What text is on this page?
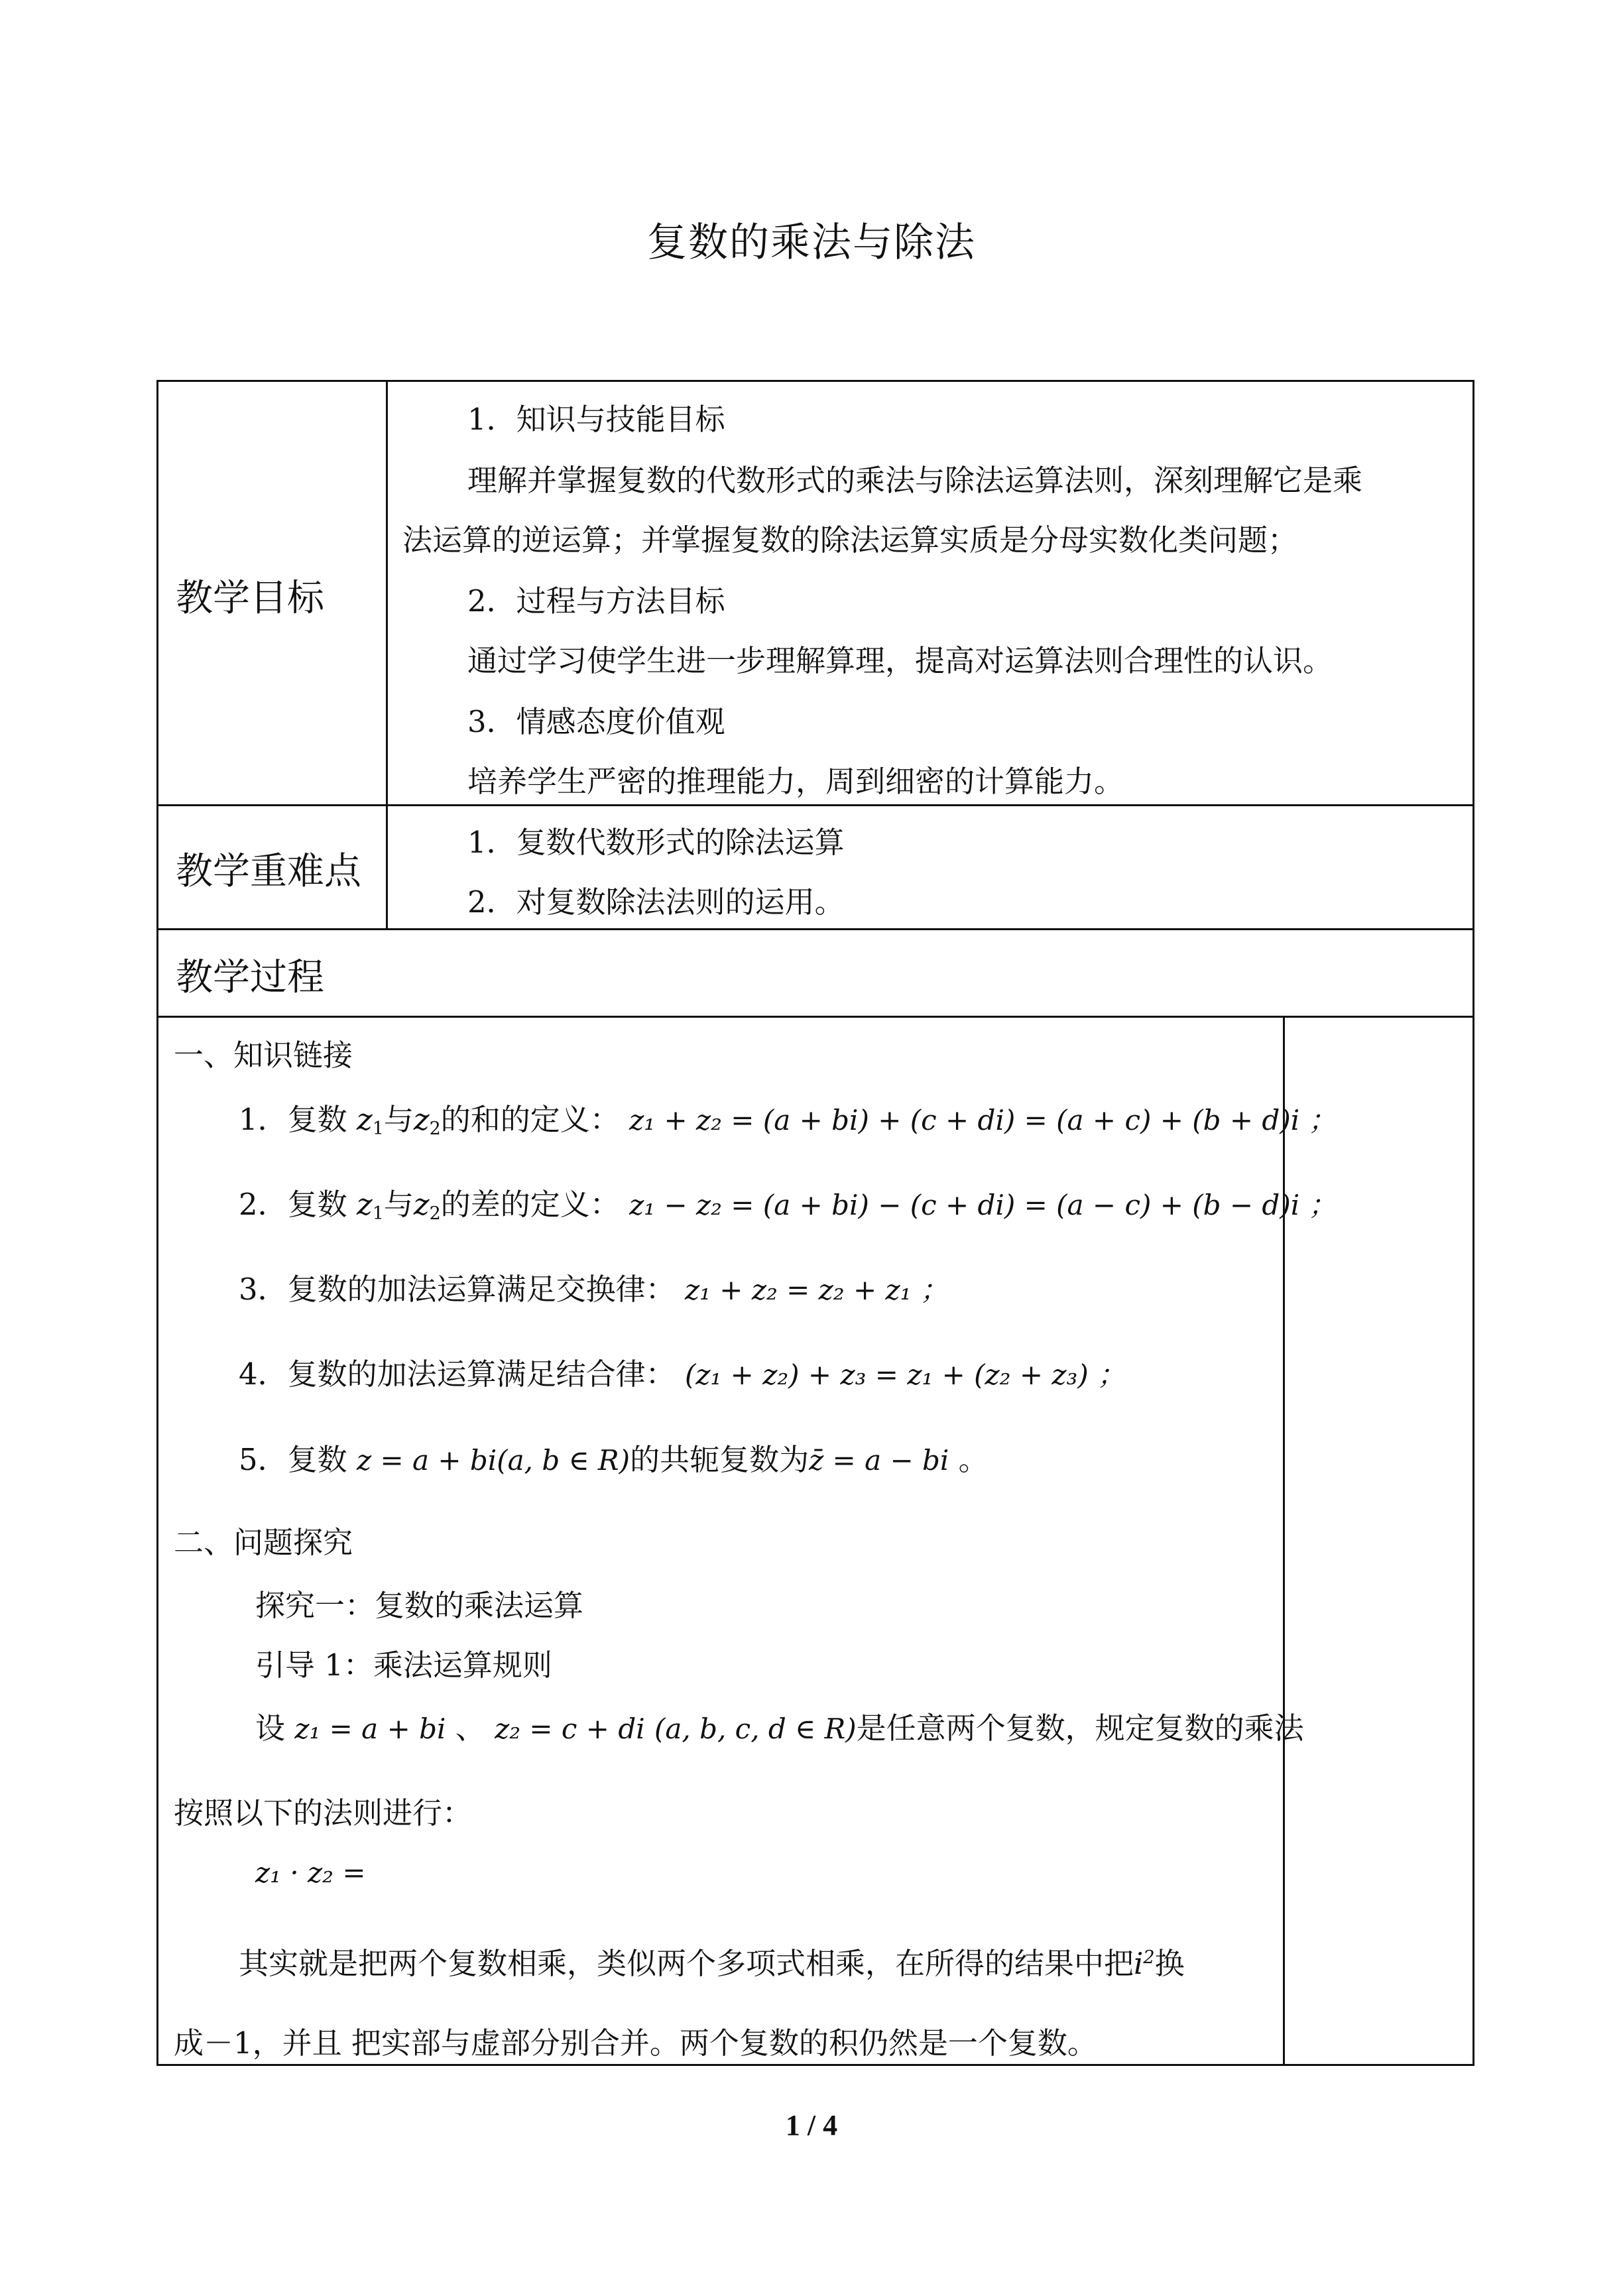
复数的乘法与除法
教学目标
1．知识与技能目标
理解并掌握复数的代数形式的乘法与除法运算法则，深刻理解它是乘
法运算的逆运算；并掌握复数的除法运算实质是分母实数化类问题；
2．过程与方法目标
通过学习使学生进一步理解算理，提高对运算法则合理性的认识。
3．情感态度价值观
培养学生严密的推理能力，周到细密的计算能力。
教学重难点
1．复数代数形式的除法运算
2．对复数除法法则的运用。
教学过程
一、知识链接
1．复数 $z_1$与$z_2$的和的定义： z₁ + z₂ = (a + bi) + (c + di) = (a + c) + (b + d)i ；
2．复数 $z_1$与$z_2$的差的定义： z₁ − z₂ = (a + bi) − (c + di) = (a − c) + (b − d)i ；
3．复数的加法运算满足交换律： z₁ + z₂ = z₂ + z₁ ；
4．复数的加法运算满足结合律： (z₁ + z₂) + z₃ = z₁ + (z₂ + z₃) ；
5．复数 z = a + bi(a, b ∈ R)的共轭复数为z̄ = a − bi 。
二、问题探究
探究一：复数的乘法运算
引导 1：乘法运算规则
设 z₁ = a + bi 、 z₂ = c + di (a, b, c, d ∈ R)是任意两个复数，规定复数的乘法
按照以下的法则进行：
z₁ · z₂ =
其实就是把两个复数相乘，类似两个多项式相乘，在所得的结果中把$i^2$换
成－1，并且 把实部与虚部分别合并。两个复数的积仍然是一个复数。
1 / 4
